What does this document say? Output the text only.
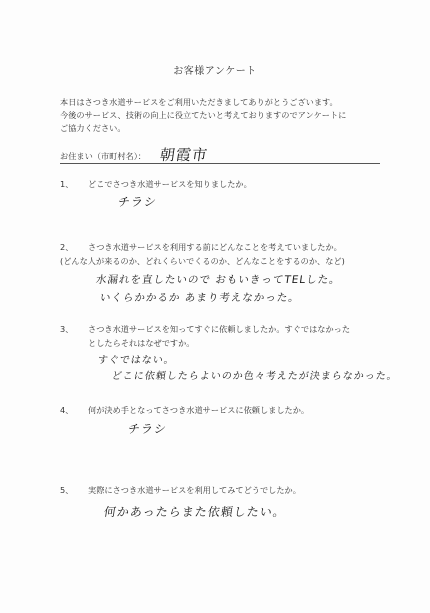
お客様アンケート
本日はさつき水道サービスをご利用いただきましてありがとうございます。
今後のサービス、技術の向上に役立てたいと考えておりますのでアンケートに
ご協力ください。
お住まい（市町村名）： 朝霞市
1、 どこでさつき水道サービスを知りましたか。
チラシ
2、 さつき水道サービスを利用する前にどんなことを考えていましたか。
(どんな人が来るのか、どれくらいでくるのか、どんなことをするのか、など)
水漏れを直したいので おもいきってTELした。
いくらかかるか あまり考えなかった。
3、 さつき水道サービスを知ってすぐに依頼しましたか。すぐではなかった
としたらそれはなぜですか。
すぐではない。
どこに依頼したらよいのか色々考えたが決まらなかった。
4、 何が決め手となってさつき水道サービスに依頼しましたか。
チラシ
5、 実際にさつき水道サービスを利用してみてどうでしたか。
何かあったらまた依頼したい。
